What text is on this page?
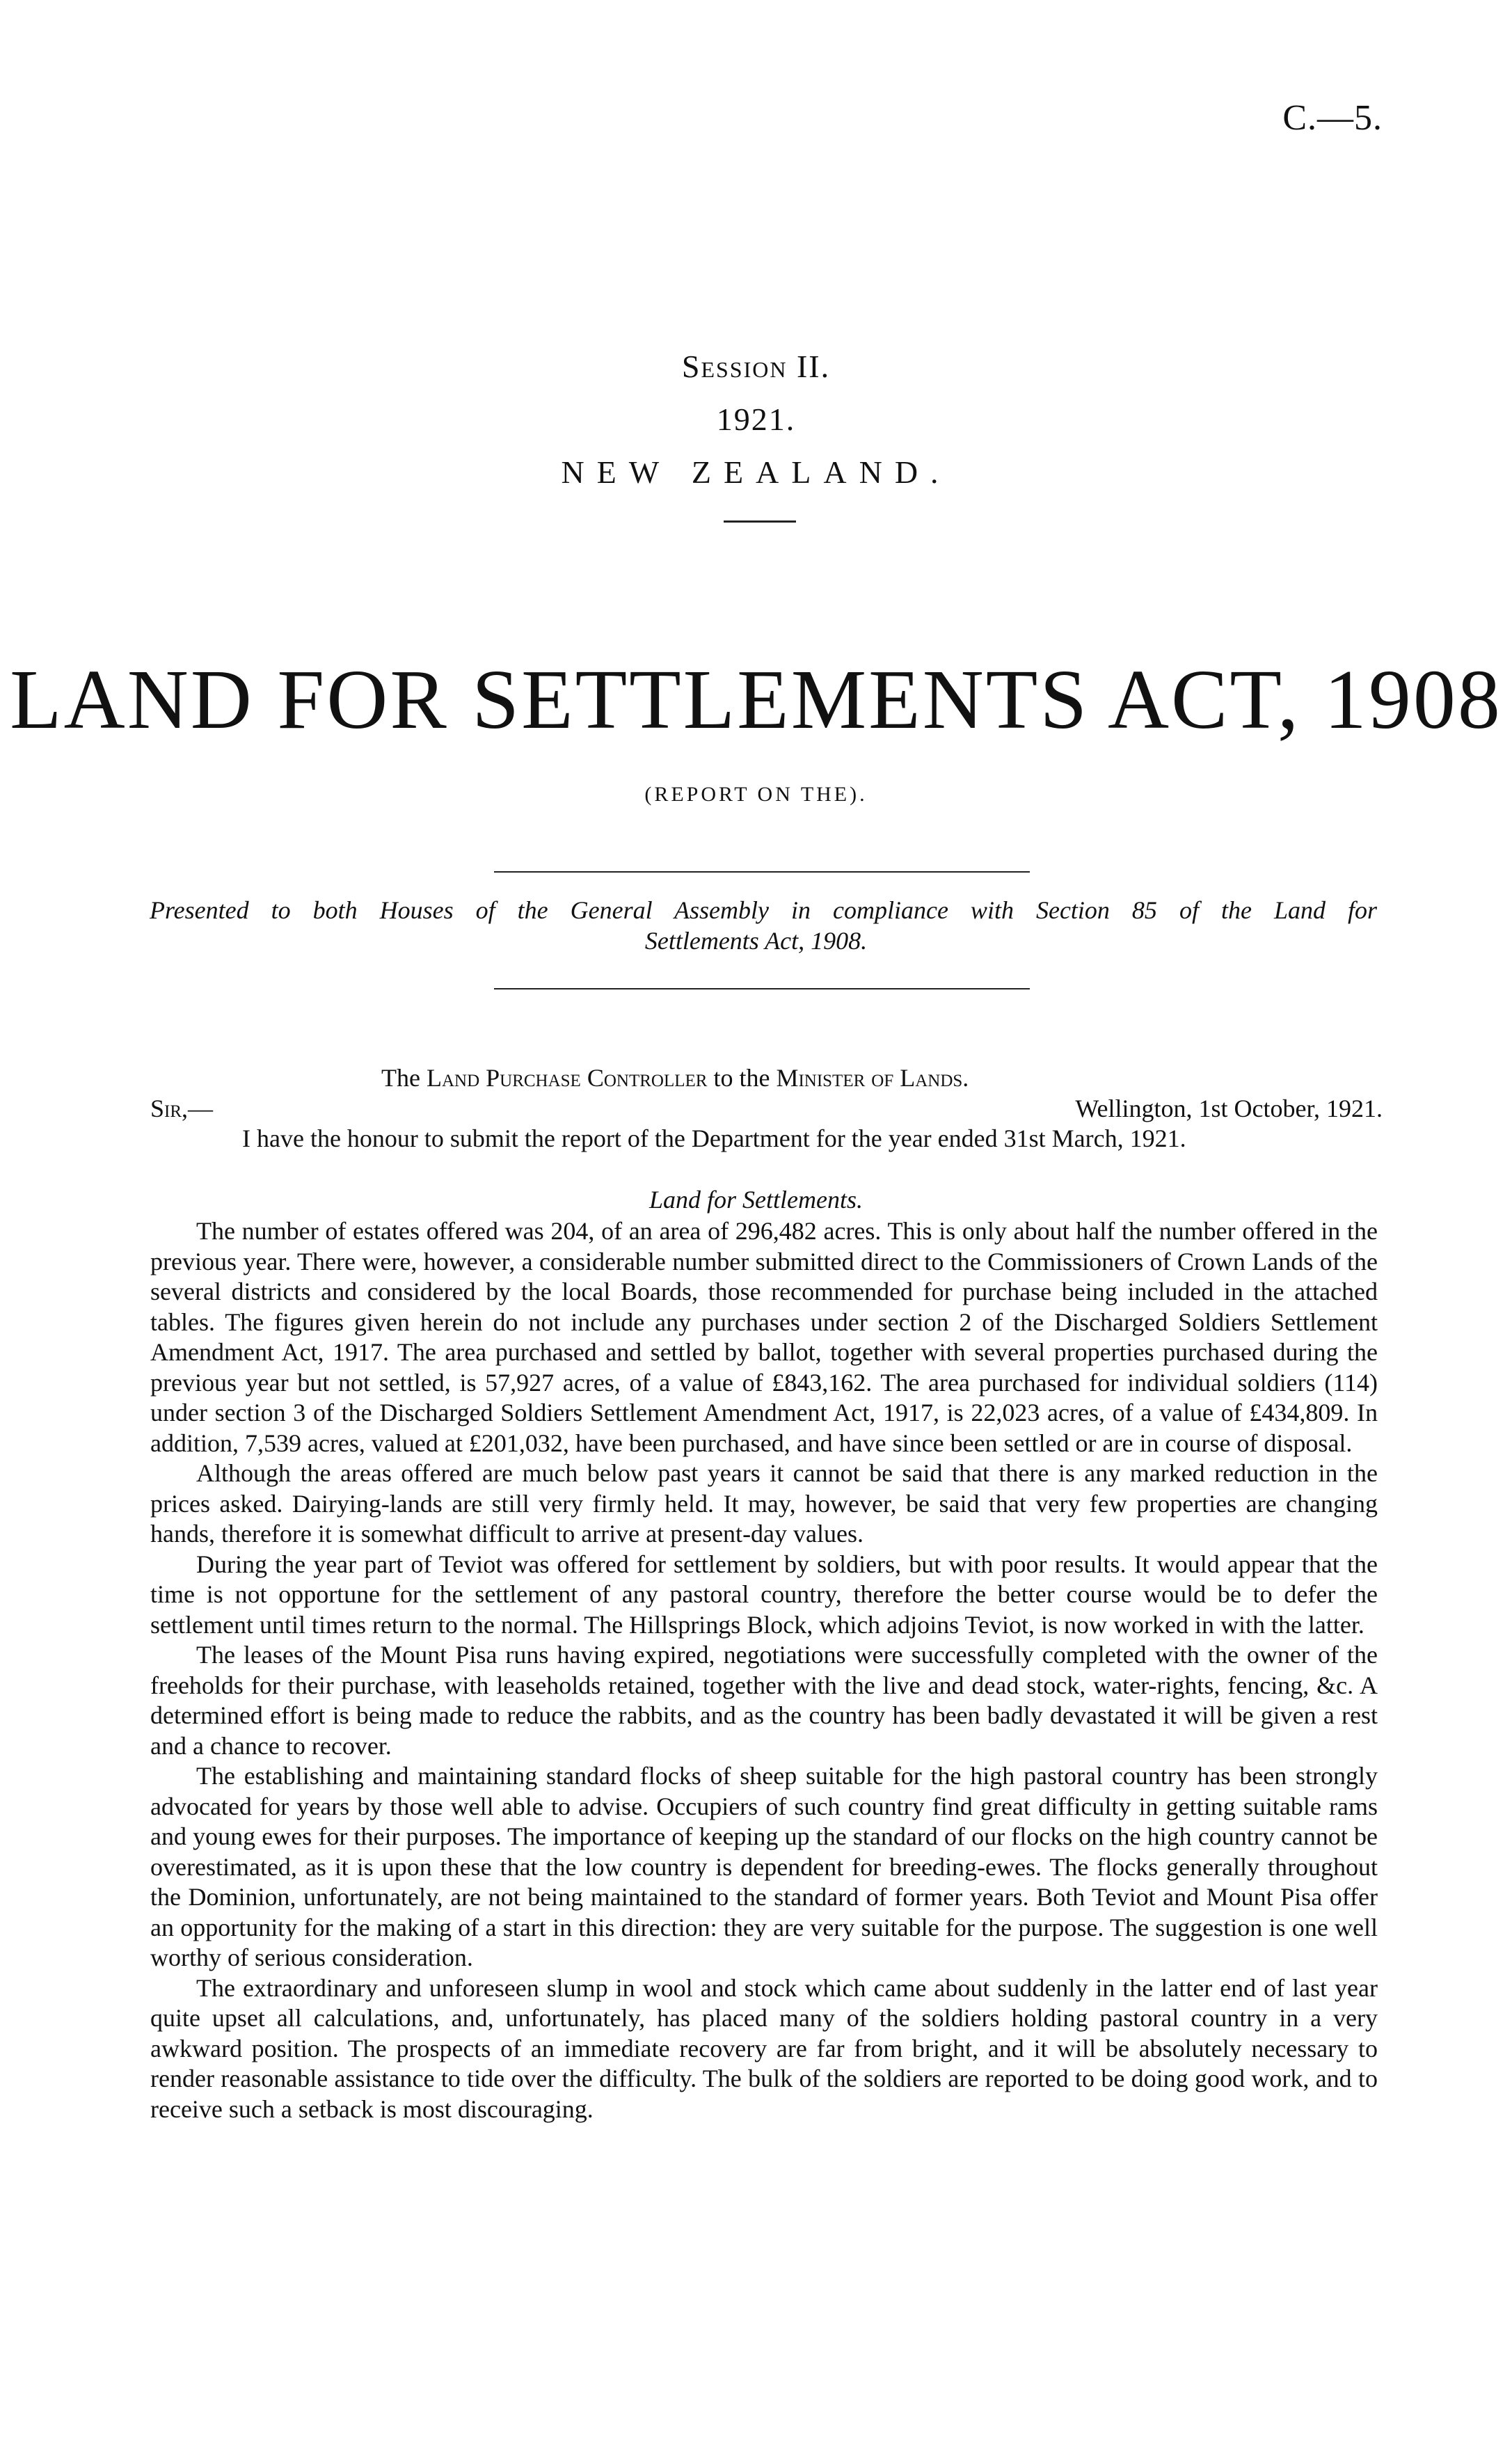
C.—5.
Session II.
1921.
NEW ZEALAND.
LAND FOR SETTLEMENTS ACT, 1908
(REPORT ON THE).
Presented to both Houses of the General Assembly in compliance with Section 85 of the Land for
Settlements Act, 1908.
The Land Purchase Controller to the Minister of Lands.
Sir,—	Wellington, 1st October, 1921.

I have the honour to submit the report of the Department for the year ended 31st March, 1921.

Land for Settlements.

The number of estates offered was 204, of an area of 296,482 acres. This is only about half the number offered in the previous year. There were, however, a considerable number submitted direct to the Commissioners of Crown Lands of the several districts and considered by the local Boards, those recommended for purchase being included in the attached tables. The figures given herein do not include any purchases under section 2 of the Discharged Soldiers Settlement Amendment Act, 1917. The area purchased and settled by ballot, together with several properties purchased during the previous year but not settled, is 57,927 acres, of a value of £843,162. The area purchased for individual soldiers (114) under section 3 of the Discharged Soldiers Settlement Amendment Act, 1917, is 22,023 acres, of a value of £434,809. In addition, 7,539 acres, valued at £201,032, have been purchased, and have since been settled or are in course of disposal.

Although the areas offered are much below past years it cannot be said that there is any marked reduction in the prices asked. Dairying-lands are still very firmly held. It may, however, be said that very few properties are changing hands, therefore it is somewhat difficult to arrive at present-day values.

During the year part of Teviot was offered for settlement by soldiers, but with poor results. It would appear that the time is not opportune for the settlement of any pastoral country, therefore the better course would be to defer the settlement until times return to the normal. The Hillsprings Block, which adjoins Teviot, is now worked in with the latter.

The leases of the Mount Pisa runs having expired, negotiations were successfully completed with the owner of the freeholds for their purchase, with leaseholds retained, together with the live and dead stock, water-rights, fencing, &c. A determined effort is being made to reduce the rabbits, and as the country has been badly devastated it will be given a rest and a chance to recover.

The establishing and maintaining standard flocks of sheep suitable for the high pastoral country has been strongly advocated for years by those well able to advise. Occupiers of such country find great difficulty in getting suitable rams and young ewes for their purposes. The importance of keeping up the standard of our flocks on the high country cannot be overestimated, as it is upon these that the low country is dependent for breeding-ewes. The flocks generally throughout the Dominion, unfortunately, are not being maintained to the standard of former years. Both Teviot and Mount Pisa offer an opportunity for the making of a start in this direction: they are very suitable for the purpose. The suggestion is one well worthy of serious consideration.

The extraordinary and unforeseen slump in wool and stock which came about suddenly in the latter end of last year quite upset all calculations, and, unfortunately, has placed many of the soldiers holding pastoral country in a very awkward position. The prospects of an immediate recovery are far from bright, and it will be absolutely necessary to render reasonable assistance to tide over the difficulty. The bulk of the soldiers are reported to be doing good work, and to receive such a setback is most discouraging.
